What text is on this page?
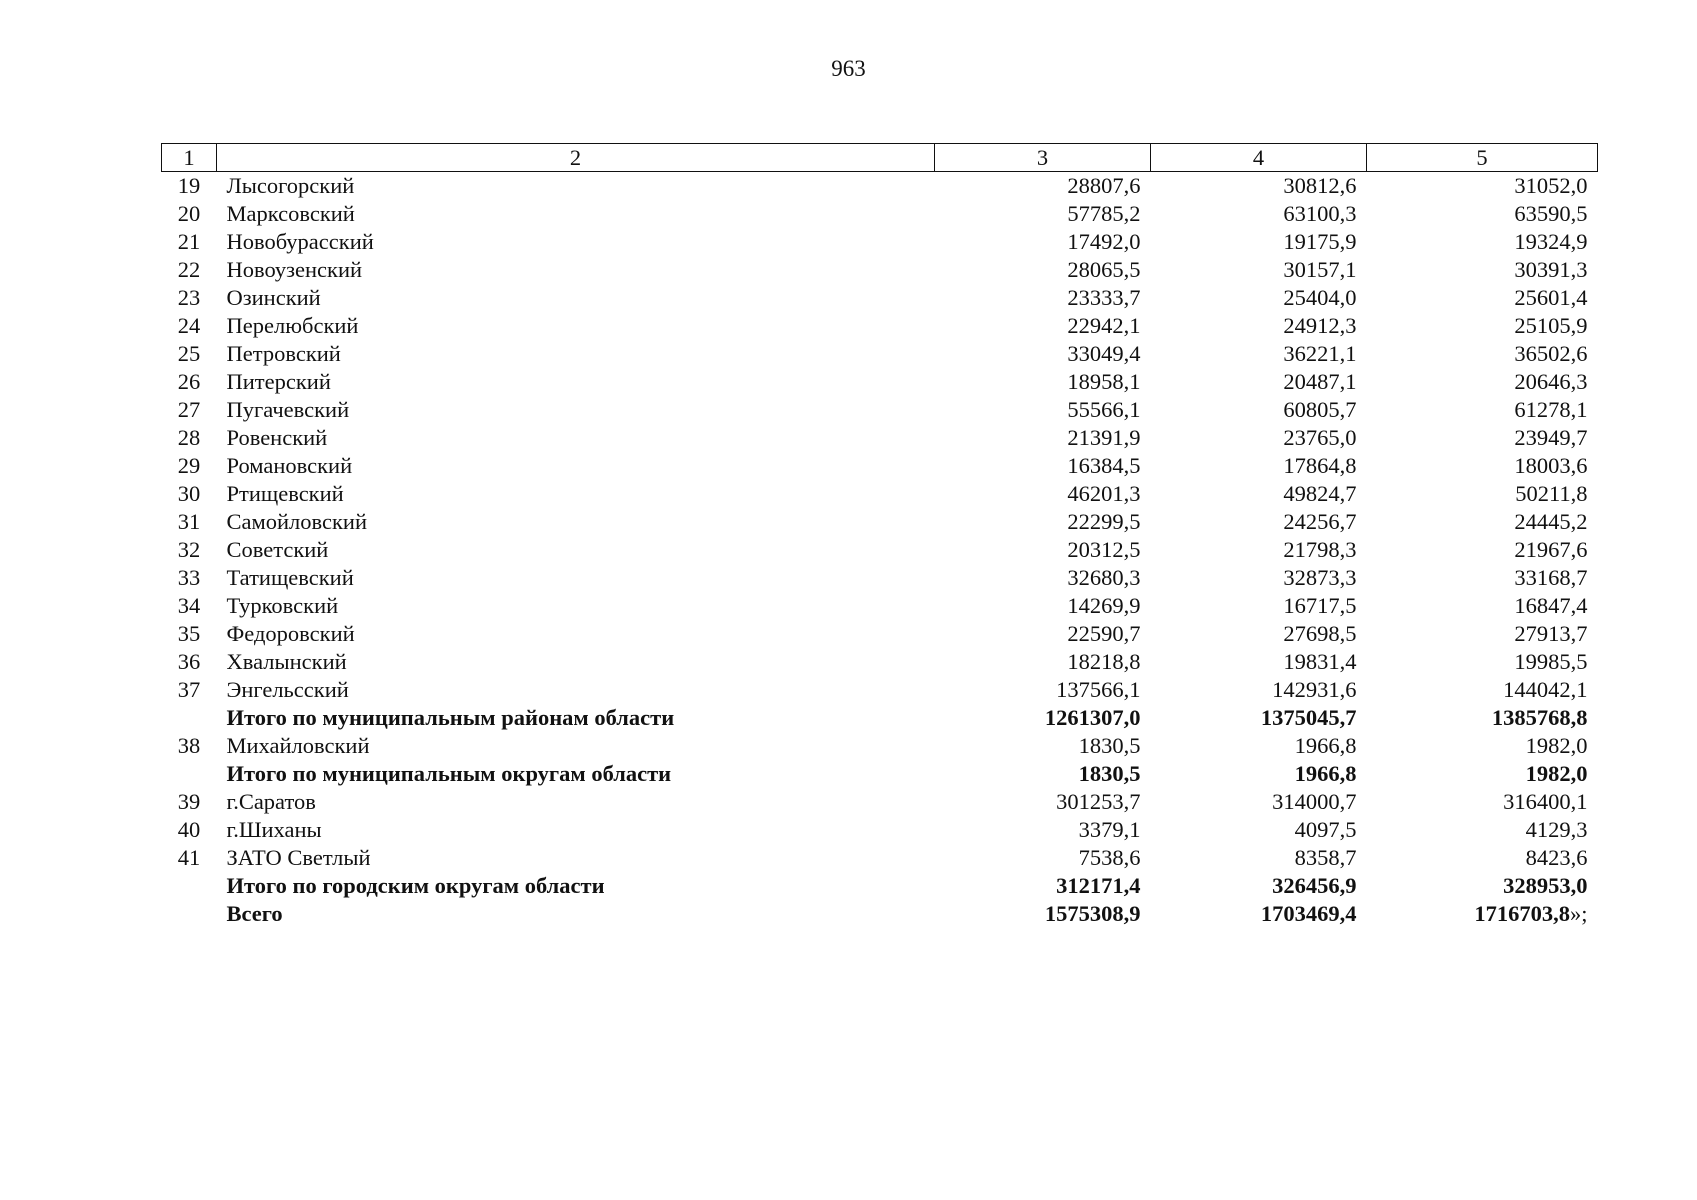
963
1	2	3	4	5
19	Лысогорский	28807,6	30812,6	31052,0
20	Марксовский	57785,2	63100,3	63590,5
21	Новобурасский	17492,0	19175,9	19324,9
22	Новоузенский	28065,5	30157,1	30391,3
23	Озинский	23333,7	25404,0	25601,4
24	Перелюбский	22942,1	24912,3	25105,9
25	Петровский	33049,4	36221,1	36502,6
26	Питерский	18958,1	20487,1	20646,3
27	Пугачевский	55566,1	60805,7	61278,1
28	Ровенский	21391,9	23765,0	23949,7
29	Романовский	16384,5	17864,8	18003,6
30	Ртищевский	46201,3	49824,7	50211,8
31	Самойловский	22299,5	24256,7	24445,2
32	Советский	20312,5	21798,3	21967,6
33	Татищевский	32680,3	32873,3	33168,7
34	Турковский	14269,9	16717,5	16847,4
35	Федоровский	22590,7	27698,5	27913,7
36	Хвалынский	18218,8	19831,4	19985,5
37	Энгельсский	137566,1	142931,6	144042,1
	Итого по муниципальным районам области	1261307,0	1375045,7	1385768,8
38	Михайловский	1830,5	1966,8	1982,0
	Итого по муниципальным округам области	1830,5	1966,8	1982,0
39	г.Саратов	301253,7	314000,7	316400,1
40	г.Шиханы	3379,1	4097,5	4129,3
41	ЗАТО Светлый	7538,6	8358,7	8423,6
	Итого по городским округам области	312171,4	326456,9	328953,0
	Всего	1575308,9	1703469,4	1716703,8»;
